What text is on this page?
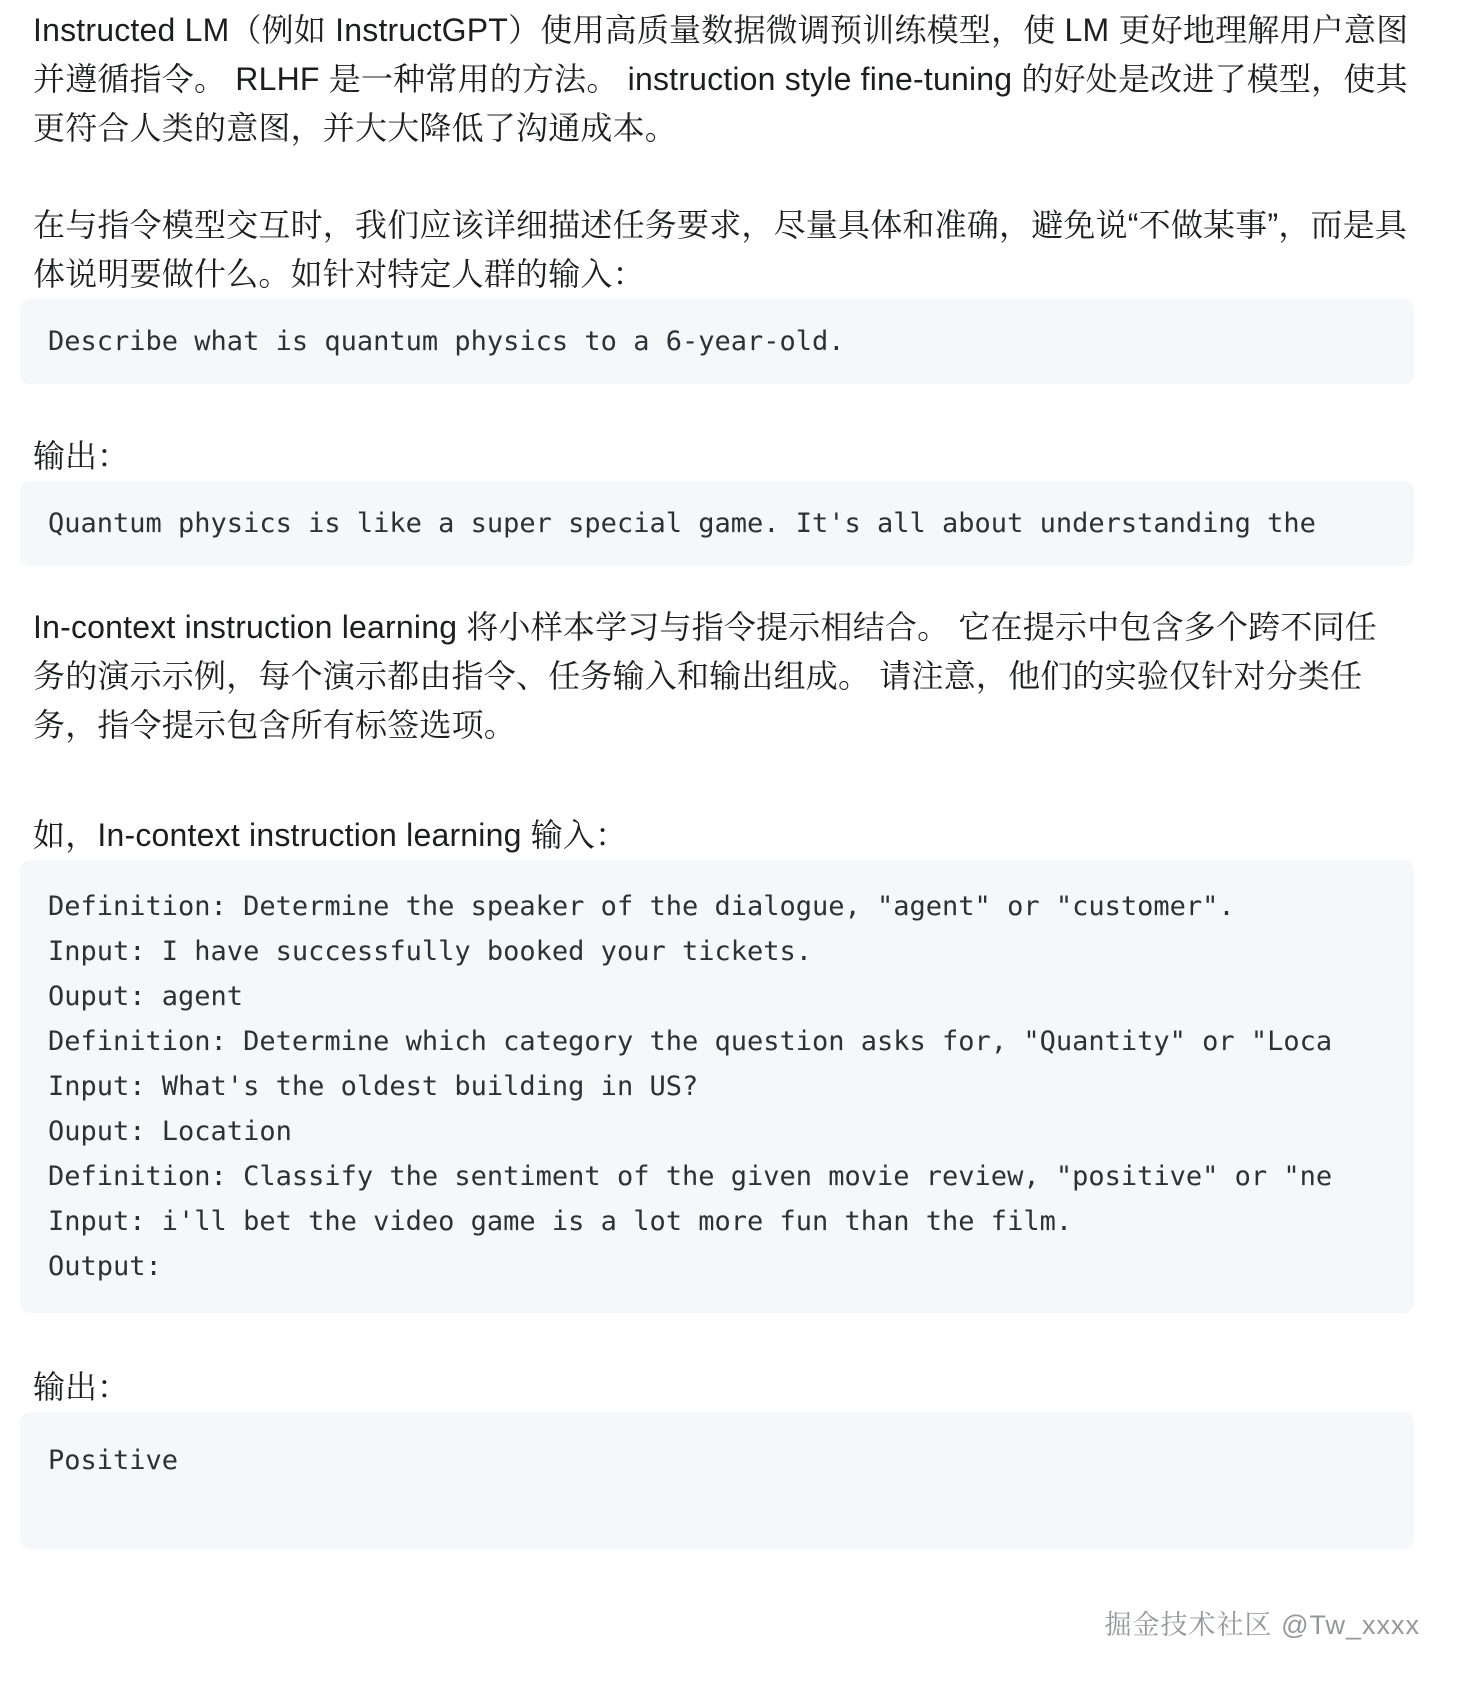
Instructed LM（例如 InstructGPT）使用高质量数据微调预训练模型，使 LM 更好地理解用户意图
并遵循指令。 RLHF 是一种常用的方法。 instruction style fine-tuning 的好处是改进了模型，使其
更符合人类的意图，并大大降低了沟通成本。
在与指令模型交互时，我们应该详细描述任务要求，尽量具体和准确，避免说“不做某事”，而是具
体说明要做什么。如针对特定人群的输入：
Describe what is quantum physics to a 6-year-old.
输出：
Quantum physics is like a super special game. It's all about understanding the
In-context instruction learning 将小样本学习与指令提示相结合。 它在提示中包含多个跨不同任
务的演示示例，每个演示都由指令、任务输入和输出组成。 请注意，他们的实验仅针对分类任
务，指令提示包含所有标签选项。
如，In-context instruction learning 输入：
Definition: Determine the speaker of the dialogue, "agent" or "customer".
Input: I have successfully booked your tickets.
Ouput: agent
Definition: Determine which category the question asks for, "Quantity" or "Loca
Input: What's the oldest building in US?
Ouput: Location
Definition: Classify the sentiment of the given movie review, "positive" or "ne
Input: i'll bet the video game is a lot more fun than the film.
Output:
输出：
Positive
掘金技术社区 @Tw_xxxx
